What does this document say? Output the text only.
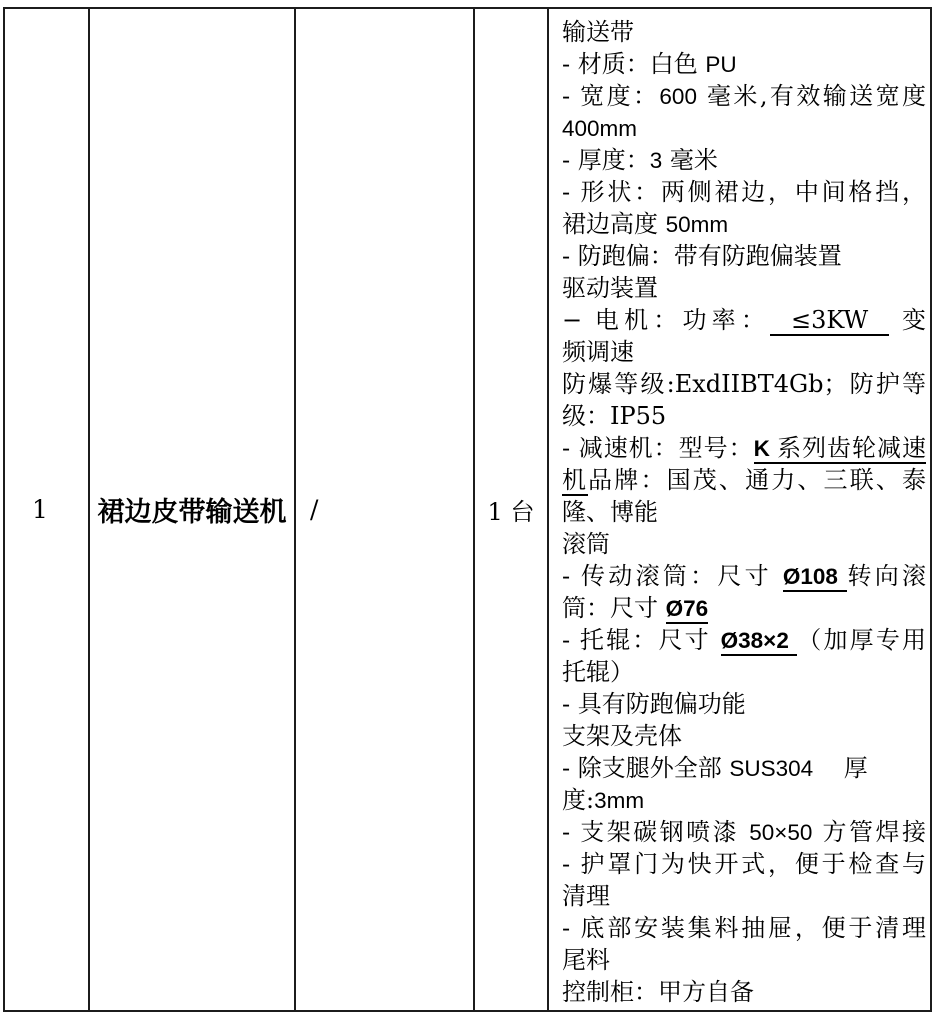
1 裙边皮带输送机 /	1 台
输送带
- 材质：白色 PU
- 宽度：600 毫米,有效输送宽度
400mm
- 厚度：3 毫米
- 形状：两侧裙边，中间格挡，
裙边高度 50mm
- 防跑偏：带有防跑偏装置
驱动装置
− 电机：功率： ≤3KW 变
频调速
防爆等级:ExdIIBT4Gb；防护等
级：IP55
- 减速机：型号：K 系列齿轮减速
机品牌：国茂、通力、三联、泰
隆、博能
滚筒
- 传动滚筒：尺寸 Ø108 转向滚
筒：尺寸 Ø76
- 托辊：尺寸 Ø38×2 （加厚专用
托辊）
- 具有防跑偏功能
支架及壳体
- 除支腿外全部 SUS304    厚
度:3mm
- 支架碳钢喷漆 50×50 方管焊接
- 护罩门为快开式，便于检查与
清理
- 底部安装集料抽屉，便于清理
尾料
控制柜：甲方自备
